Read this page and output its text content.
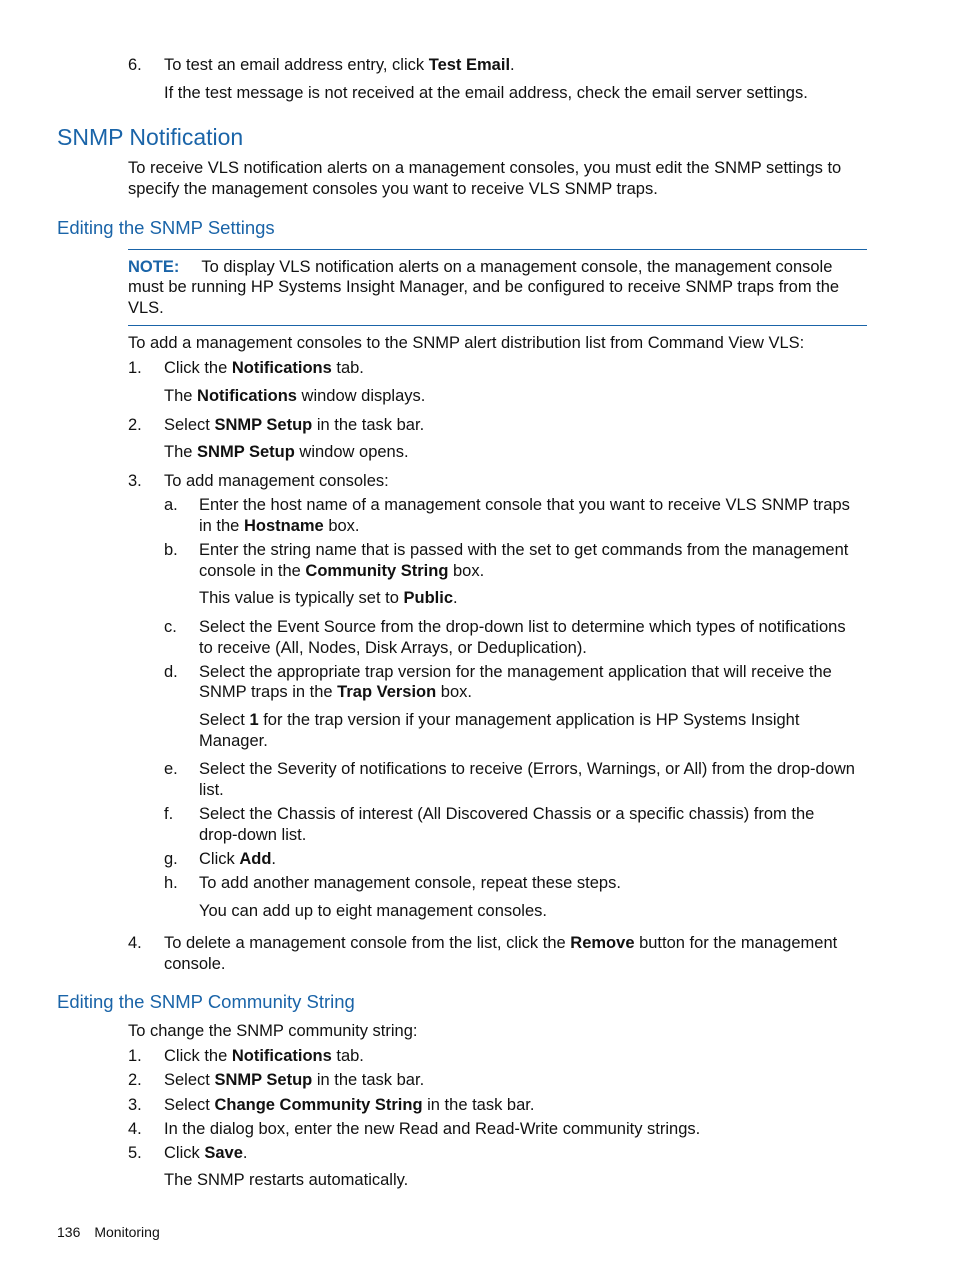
6. To test an email address entry, click Test Email.
If the test message is not received at the email address, check the email server settings.
SNMP Notification
To receive VLS notification alerts on a management consoles, you must edit the SNMP settings to
specify the management consoles you want to receive VLS SNMP traps.
Editing the SNMP Settings
NOTE: To display VLS notification alerts on a management console, the management console
must be running HP Systems Insight Manager, and be configured to receive SNMP traps from the
VLS.
To add a management consoles to the SNMP alert distribution list from Command View VLS:
1. Click the Notifications tab.
The Notifications window displays.
2. Select SNMP Setup in the task bar.
The SNMP Setup window opens.
3. To add management consoles:
a. Enter the host name of a management console that you want to receive VLS SNMP traps
in the Hostname box.
b. Enter the string name that is passed with the set to get commands from the management
console in the Community String box.
This value is typically set to Public.
c. Select the Event Source from the drop-down list to determine which types of notifications
to receive (All, Nodes, Disk Arrays, or Deduplication).
d. Select the appropriate trap version for the management application that will receive the
SNMP traps in the Trap Version box.
Select 1 for the trap version if your management application is HP Systems Insight
Manager.
e. Select the Severity of notifications to receive (Errors, Warnings, or All) from the drop-down
list.
f. Select the Chassis of interest (All Discovered Chassis or a specific chassis) from the
drop-down list.
g. Click Add.
h. To add another management console, repeat these steps.
You can add up to eight management consoles.
4. To delete a management console from the list, click the Remove button for the management
console.
Editing the SNMP Community String
To change the SNMP community string:
1. Click the Notifications tab.
2. Select SNMP Setup in the task bar.
3. Select Change Community String in the task bar.
4. In the dialog box, enter the new Read and Read-Write community strings.
5. Click Save.
The SNMP restarts automatically.
136 Monitoring
